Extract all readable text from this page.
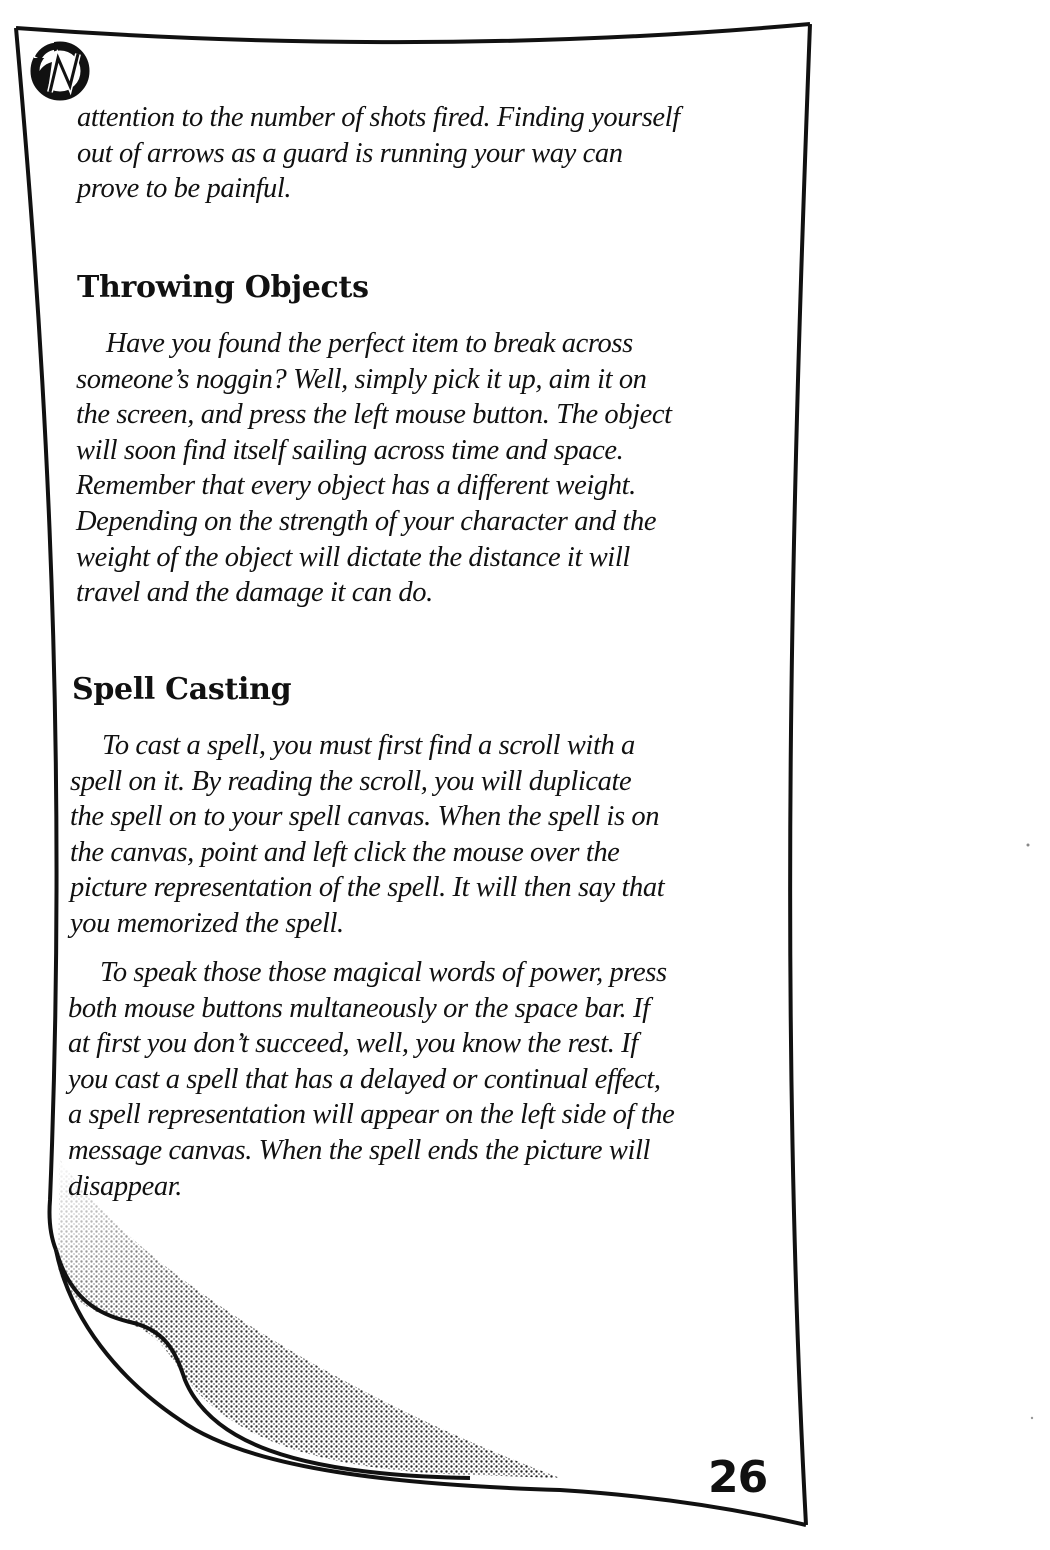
attention to the number of shots fired. Finding yourself
out of arrows as a guard is running your way can
prove to be painful.

Throwing Objects

Have you found the perfect item to break across
someone’s noggin? Well, simply pick it up, aim it on
the screen, and press the left mouse button. The object
will soon find itself sailing across time and space.
Remember that every object has a different weight.
Depending on the strength of your character and the
weight of the object will dictate the distance it will
travel and the damage it can do.

Spell Casting

To cast a spell, you must first find a scroll with a
spell on it. By reading the scroll, you will duplicate
the spell on to your spell canvas. When the spell is on
the canvas, point and left click the mouse over the
picture representation of the spell. It will then say that
you memorized the spell.

To speak those those magical words of power, press
both mouse buttons multaneously or the space bar. If
at first you don’t succeed, well, you know the rest. If
you cast a spell that has a delayed or continual effect,
a spell representation will appear on the left side of the
message canvas. When the spell ends the picture will
disappear.

26
